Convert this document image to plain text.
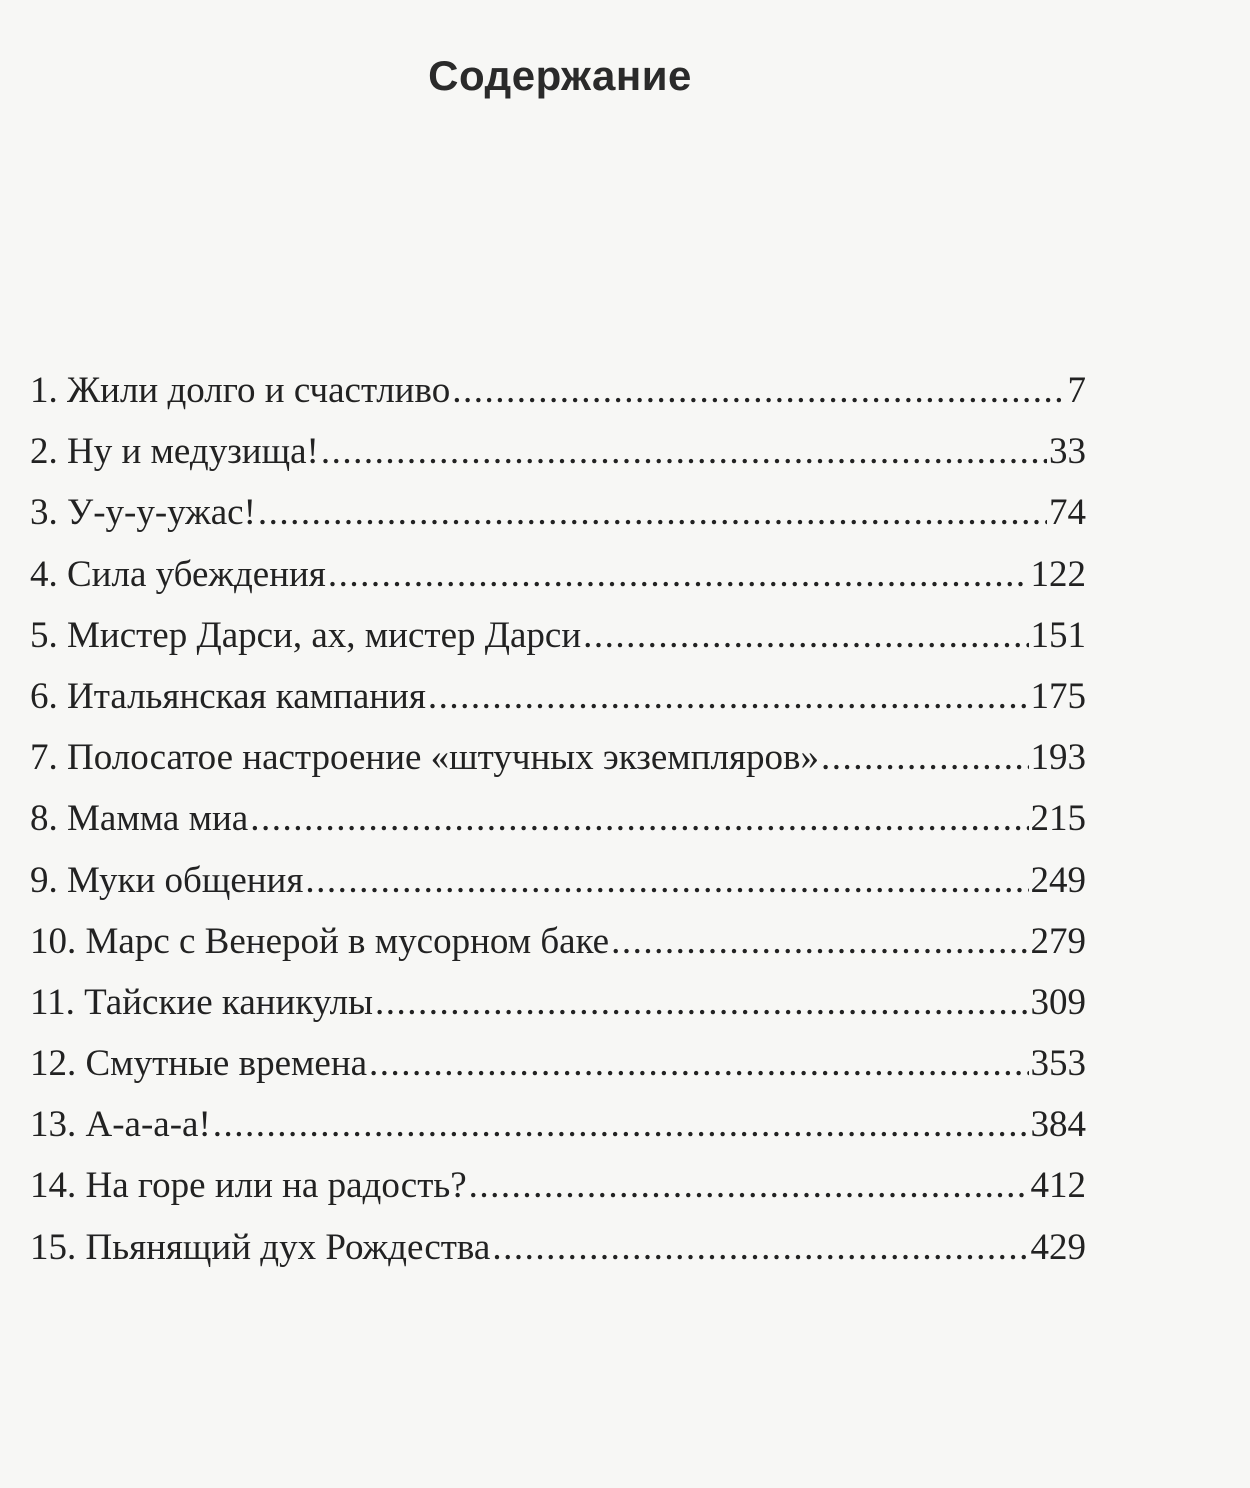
Содержание
1. Жили долго и счастливо .....	7
2. Ну и медузища! .....	33
3. У-у-у-ужас! .....	74
4. Сила убеждения .....	122
5. Мистер Дарси, ах, мистер Дарси .....	151
6. Итальянская кампания .....	175
7. Полосатое настроение «штучных экземпляров» .....	193
8. Мамма миа .....	215
9. Муки общения .....	249
10. Марс с Венерой в мусорном баке .....	279
11. Тайские каникулы .....	309
12. Смутные времена .....	353
13. А-а-а-а! .....	384
14. На горе или на радость? .....	412
15. Пьянящий дух Рождества .....	429
